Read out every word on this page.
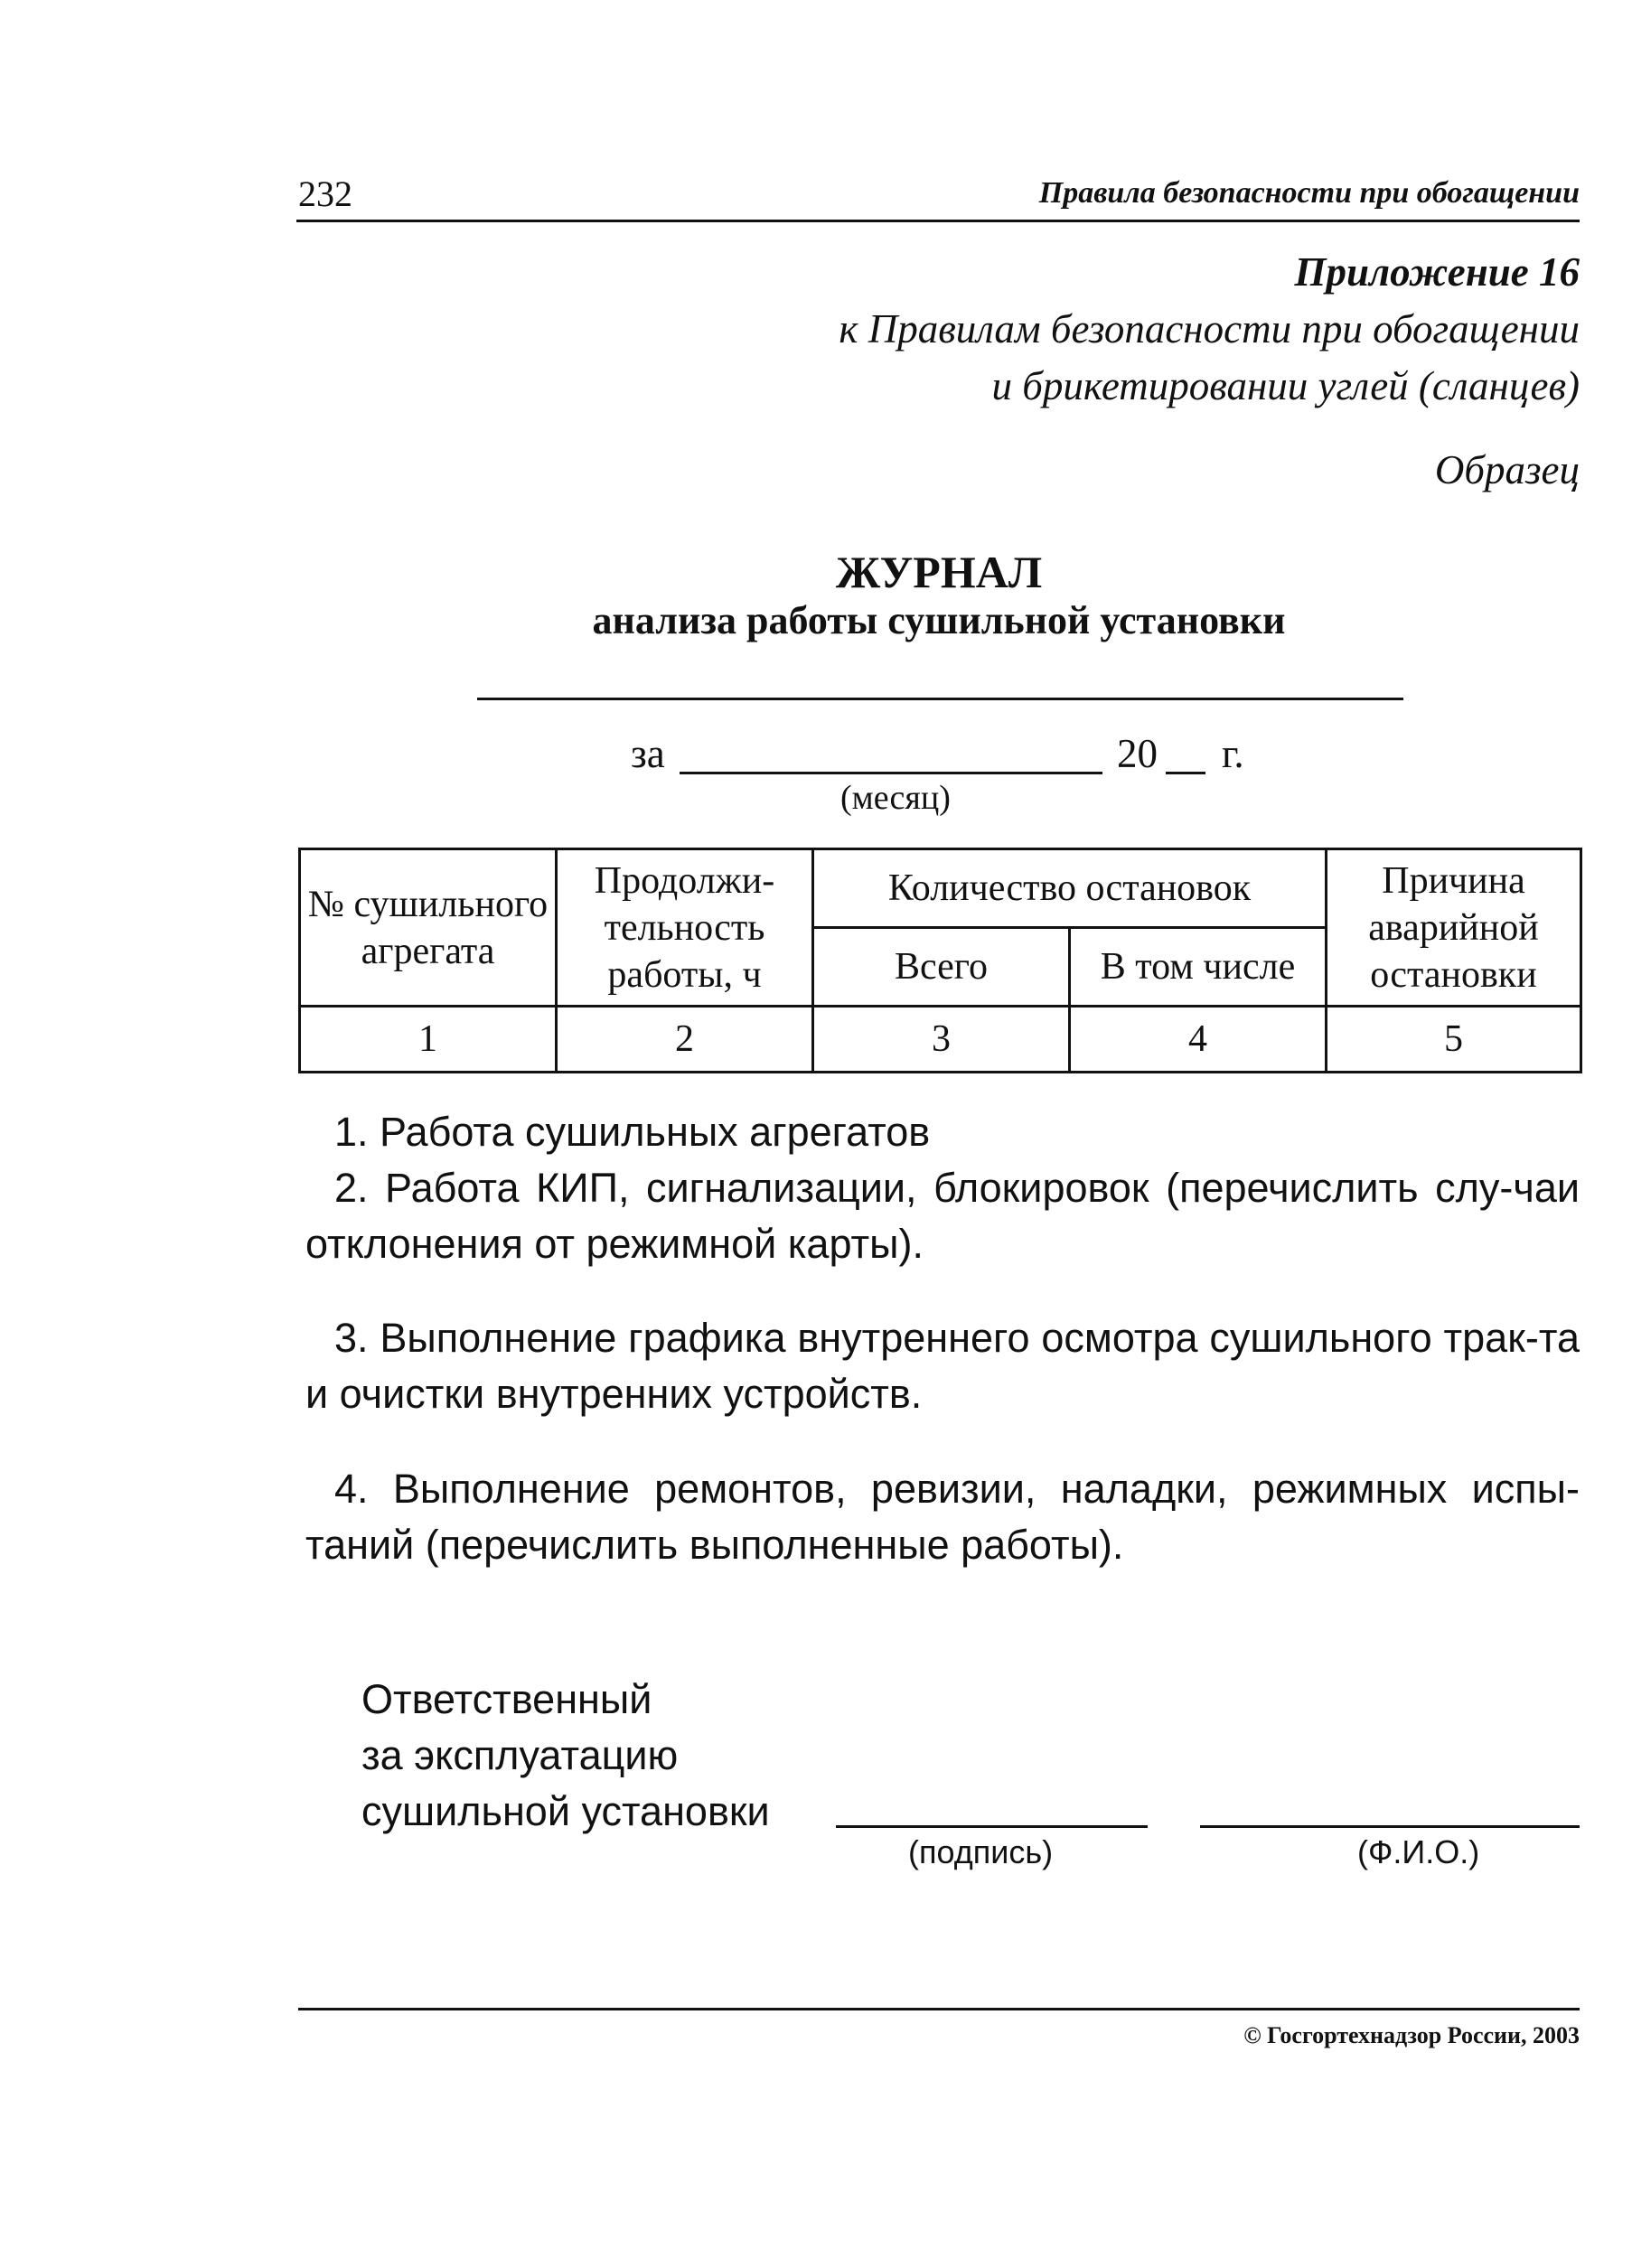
232	Правила безопасности при обогащении
Приложение 16
к Правилам безопасности при обогащении
и брикетировании углей (сланцев)
Образец
ЖУРНАЛ
анализа работы сушильной установки
за	20 г.
(месяц)
№ сушильного агрегата	Продолжи-тельность работы, ч	Количество остановок		Причина аварийной остановки
		Всего	В том числе	
1	2	3	4	5
1. Работа сушильных агрегатов
2. Работа КИП, сигнализации, блокировок (перечислить слу-чаи отклонения от режимной карты).
3. Выполнение графика внутреннего осмотра сушильного трак-та и очистки внутренних устройств.
4. Выполнение ремонтов, ревизии, наладки, режимных испы-таний (перечислить выполненные работы).
Ответственный
за эксплуатацию
сушильной установки
(подпись)	(Ф.И.О.)
© Госгортехнадзор России, 2003
